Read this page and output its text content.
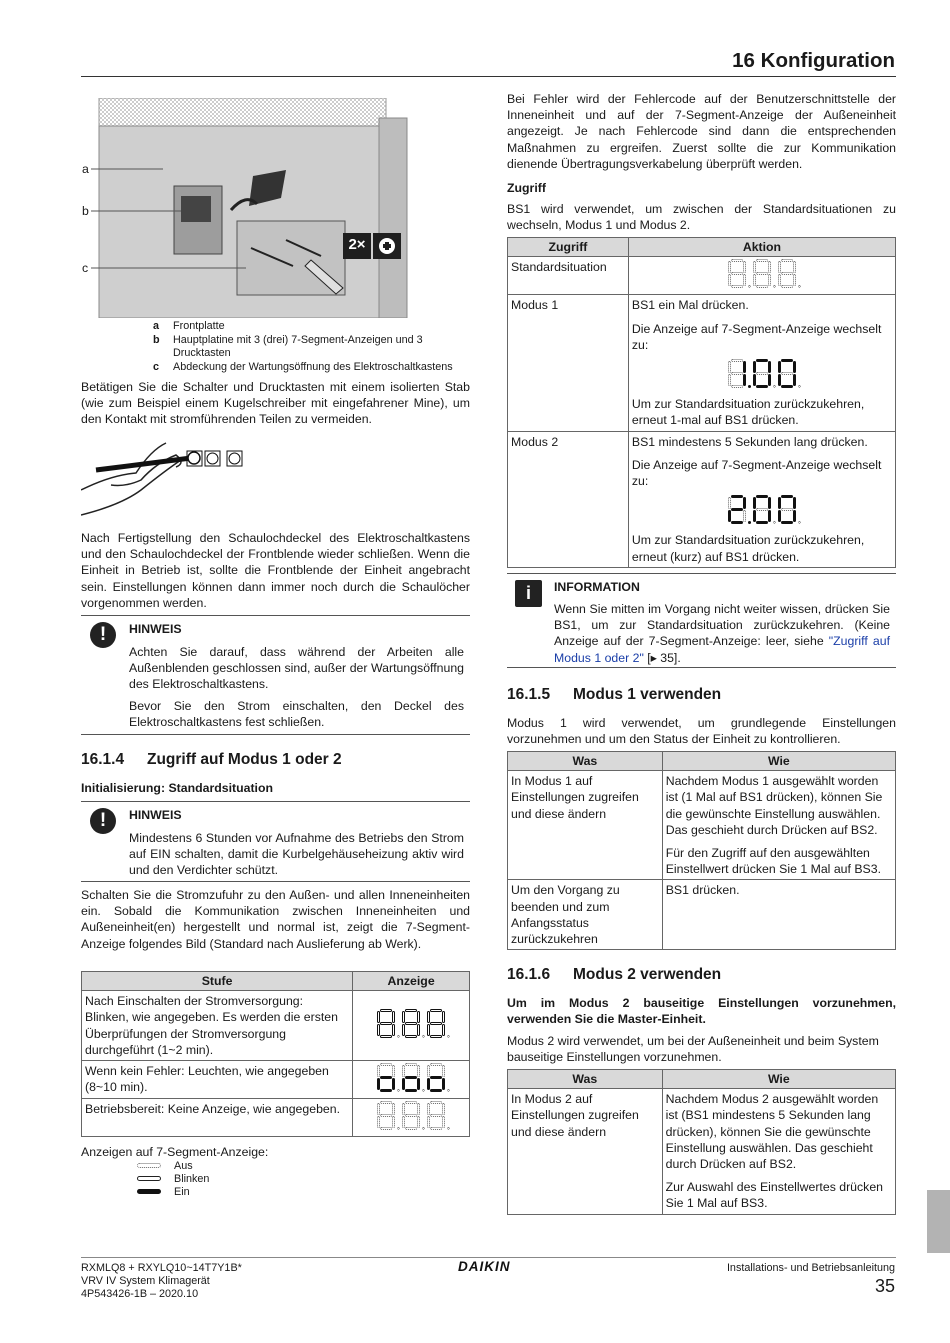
16 Konfiguration
2×
a
b
c
a	Frontplatte
b	Hauptplatine mit 3 (drei) 7-Segment-Anzeigen und 3 Drucktasten
c	Abdeckung der Wartungsöffnung des Elektroschaltkastens
Betätigen Sie die Schalter und Drucktasten mit einem isolierten Stab (wie zum Beispiel einem Kugelschreiber mit eingefahrener Mine), um den Kontakt mit stromführenden Teilen zu vermeiden.
Nach Fertigstellung den Schaulochdeckel des Elektroschaltkastens und den Schaulochdeckel der Frontblende wieder schließen. Wenn die Einheit in Betrieb ist, sollte die Frontblende der Einheit angebracht sein. Einstellungen können dann immer noch durch die Schaulöcher vorgenommen werden.
!	HINWEIS
Achten Sie darauf, dass während der Arbeiten alle Außenblenden geschlossen sind, außer der Wartungsöffnung des Elektroschaltkastens.
Bevor Sie den Strom einschalten, den Deckel des Elektroschaltkastens fest schließen.
16.1.4 Zugriff auf Modus 1 oder 2
Initialisierung: Standardsituation
!	HINWEIS
Mindestens 6 Stunden vor Aufnahme des Betriebs den Strom auf EIN schalten, damit die Kurbelgehäuseheizung aktiv wird und den Verdichter schützt.
Schalten Sie die Stromzufuhr zu den Außen- und allen Inneneinheiten ein. Sobald die Kommunikation zwischen Inneneinheiten und Außeneinheit(en) hergestellt und normal ist, zeigt die 7-Segment-Anzeige folgendes Bild (Standard nach Auslieferung ab Werk).
Stufe	Anzeige
Nach Einschalten der Stromversorgung: Blinken, wie angegeben. Es werden die ersten Überprüfungen der Stromversorgung durchgeführt (1~2 min).	

Wenn kein Fehler: Leuchten, wie angegeben (8~10 min).	

Betriebsbereit: Keine Anzeige, wie angegeben.	
Anzeigen auf 7-Segment-Anzeige:
Aus
Blinken
Ein
Bei Fehler wird der Fehlercode auf der Benutzerschnittstelle der Inneneinheit und auf der 7-Segment-Anzeige der Außeneinheit angezeigt. Je nach Fehlercode sind dann die entsprechenden Maßnahmen zu ergreifen. Zuerst sollte die zur Kommunikation dienende Übertragungsverkabelung überprüft werden.
Zugriff
BS1 wird verwendet, um zwischen der Standardsituationen zu wechseln, Modus 1 und Modus 2.
Zugriff	Aktion
Standardsituation	

Modus 1	BS1 ein Mal drücken.

Die Anzeige auf 7-Segment-Anzeige wechselt zu:

Um zur Standardsituation zurückzukehren, erneut 1-mal auf BS1 drücken.

Modus 2	BS1 mindestens 5 Sekunden lang drücken.

Die Anzeige auf 7-Segment-Anzeige wechselt zu:

Um zur Standardsituation zurückzukehren, erneut (kurz) auf BS1 drücken.

i	INFORMATION
Wenn Sie mitten im Vorgang nicht weiter wissen, drücken Sie BS1, um zur Standardsituation zurückzukehren. (Keine Anzeige auf der 7-Segment-Anzeige: leer, siehe "Zugriff auf Modus 1 oder 2" [▸ 35].
16.1.5 Modus 1 verwenden
Modus 1 wird verwendet, um grundlegende Einstellungen vorzunehmen und um den Status der Einheit zu kontrollieren.
Was	Wie
In Modus 1 auf Einstellungen zugreifen und diese ändern	Nachdem Modus 1 ausgewählt worden ist (1 Mal auf BS1 drücken), können Sie die gewünschte Einstellung auswählen. Das geschieht durch Drücken auf BS2.

Für den Zugriff auf den ausgewählten Einstellwert drücken Sie 1 Mal auf BS3.

Um den Vorgang zu beenden und zum Anfangsstatus zurückzukehren	BS1 drücken.
16.1.6 Modus 2 verwenden
Um im Modus 2 bauseitige Einstellungen vorzunehmen, verwenden Sie die Master-Einheit.
Modus 2 wird verwendet, um bei der Außeneinheit und beim System bauseitige Einstellungen vorzunehmen.
Was	Wie
In Modus 2 auf Einstellungen zugreifen und diese ändern	Nachdem Modus 2 ausgewählt worden ist (BS1 mindestens 5 Sekunden lang drücken), können Sie die gewünschte Einstellung auswählen. Das geschieht durch Drücken auf BS2.

Zur Auswahl des Einstellwertes drücken Sie 1 Mal auf BS3.

RXMLQ8 + RXYLQ10~14T7Y1B*
VRV IV System Klimagerät
4P543426-1B – 2020.10
DAIKIN	Installations- und Betriebsanleitung
35
